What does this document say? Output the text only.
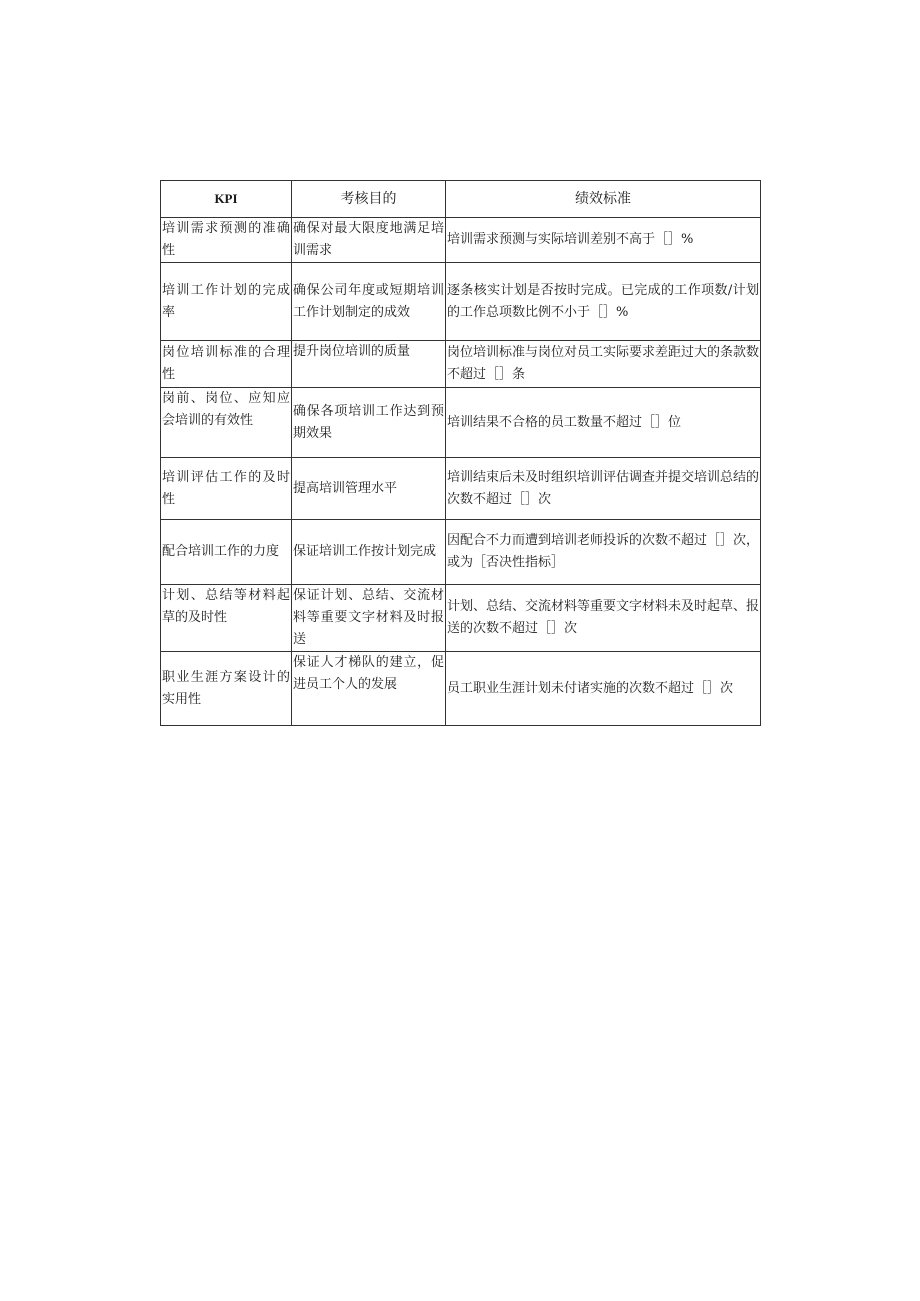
KPI	考核目的	绩效标准
培训需求预测的准确性	确保对最大限度地满足培训需求	培训需求预测与实际培训差别不高于［］%
培训工作计划的完成率	确保公司年度或短期培训工作计划制定的成效	逐条核实计划是否按时完成。已完成的工作项数/计划的工作总项数比例不小于［］%
岗位培训标准的合理性	提升岗位培训的质量	岗位培训标准与岗位对员工实际要求差距过大的条款数不超过［］条
岗前、岗位、应知应会培训的有效性	确保各项培训工作达到预期效果	培训结果不合格的员工数量不超过［］位
培训评估工作的及时性	提高培训管理水平	培训结束后未及时组织培训评估调查并提交培训总结的次数不超过［］次
配合培训工作的力度	保证培训工作按计划完成	因配合不力而遭到培训老师投诉的次数不超过［］次，或为［否决性指标］
计划、总结等材料起草的及时性	保证计划、总结、交流材料等重要文字材料及时报送	计划、总结、交流材料等重要文字材料未及时起草、报送的次数不超过［］次
职业生涯方案设计的实用性	保证人才梯队的建立，促进员工个人的发展	员工职业生涯计划未付诸实施的次数不超过［］次
